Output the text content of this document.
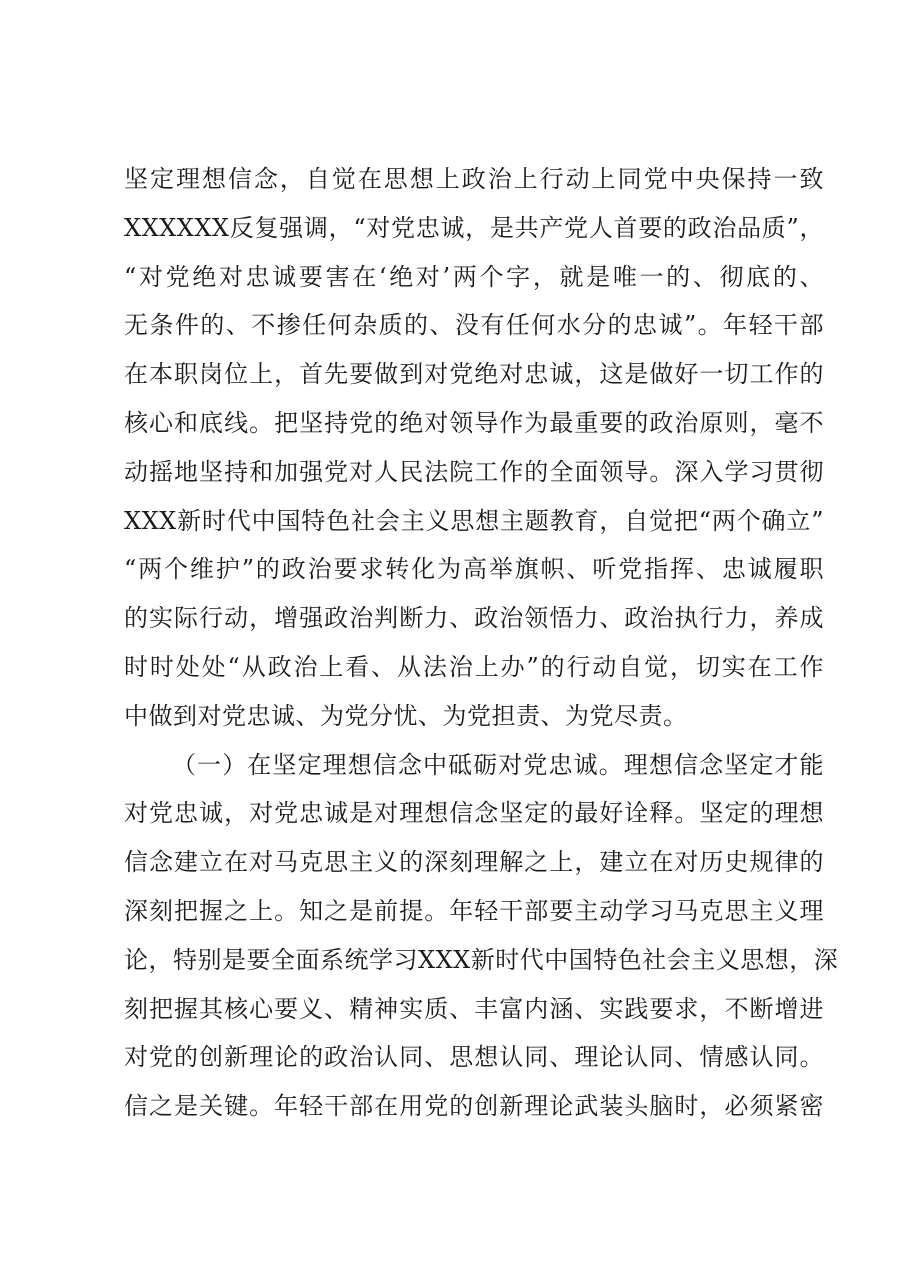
坚定理想信念，自觉在思想上政治上行动上同党中央保持一致
XXXXXX反复强调，“对党忠诚，是共产党人首要的政治品质”，
“对党绝对忠诚要害在‘绝对’两个字，就是唯一的、彻底的、
无条件的、不掺任何杂质的、没有任何水分的忠诚”。年轻干部
在本职岗位上，首先要做到对党绝对忠诚，这是做好一切工作的
核心和底线。把坚持党的绝对领导作为最重要的政治原则，毫不
动摇地坚持和加强党对人民法院工作的全面领导。深入学习贯彻
XXX新时代中国特色社会主义思想主题教育，自觉把“两个确立”
“两个维护”的政治要求转化为高举旗帜、听党指挥、忠诚履职
的实际行动，增强政治判断力、政治领悟力、政治执行力，养成
时时处处“从政治上看、从法治上办”的行动自觉，切实在工作
中做到对党忠诚、为党分忧、为党担责、为党尽责。
（一）在坚定理想信念中砥砺对党忠诚。理想信念坚定才能
对党忠诚，对党忠诚是对理想信念坚定的最好诠释。坚定的理想
信念建立在对马克思主义的深刻理解之上，建立在对历史规律的
深刻把握之上。知之是前提。年轻干部要主动学习马克思主义理
论，特别是要全面系统学习XXX新时代中国特色社会主义思想，深
刻把握其核心要义、精神实质、丰富内涵、实践要求，不断增进
对党的创新理论的政治认同、思想认同、理论认同、情感认同。
信之是关键。年轻干部在用党的创新理论武装头脑时，必须紧密
